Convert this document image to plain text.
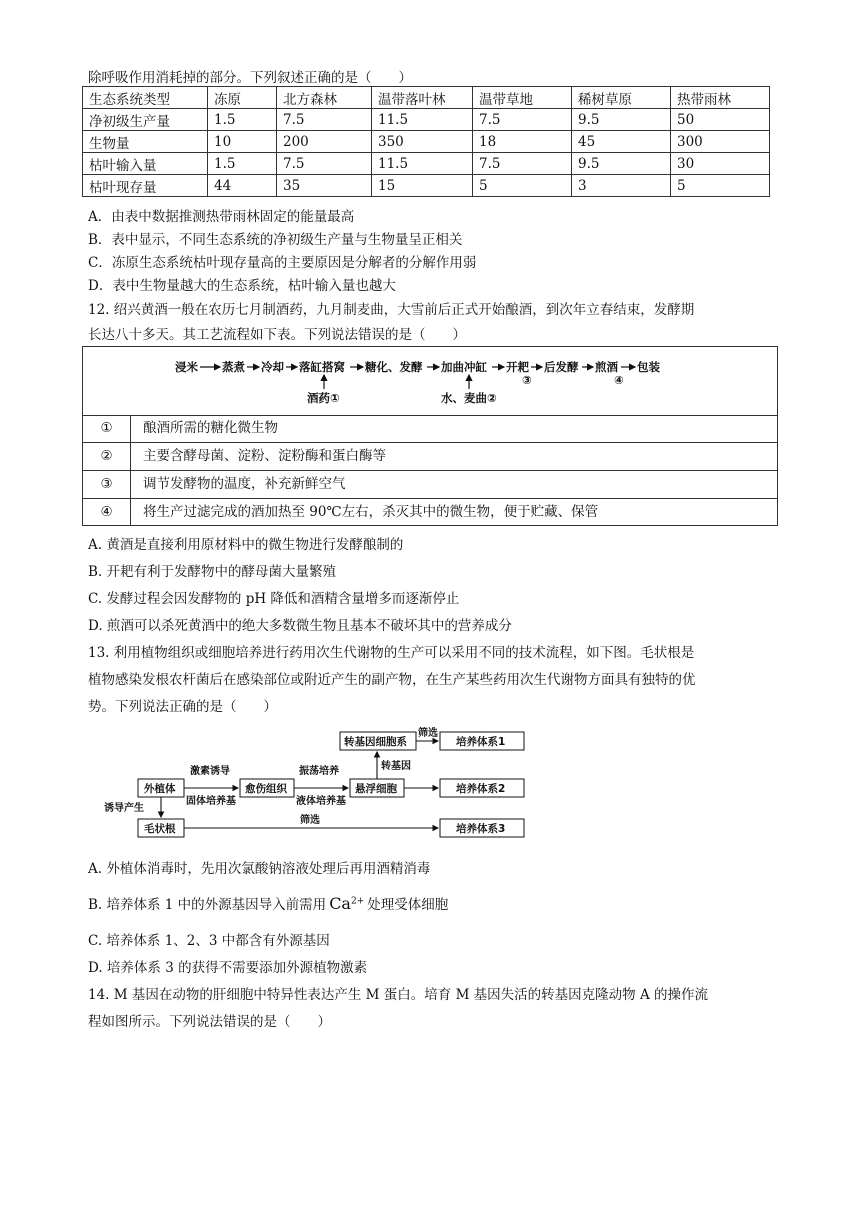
除呼吸作用消耗掉的部分。下列叙述正确的是（　　）
生态系统类型	冻原	北方森林	温带落叶林	温带草地	稀树草原	热带雨林
净初级生产量	1.5	7.5	11.5	7.5	9.5	50
生物量	10	200	350	18	45	300
枯叶输入量	1.5	7.5	11.5	7.5	9.5	30
枯叶现存量	44	35	15	5	3	5
A．由表中数据推测热带雨林固定的能量最高
B．表中显示，不同生态系统的净初级生产量与生物量呈正相关
C．冻原生态系统枯叶现存量高的主要原因是分解者的分解作用弱
D．表中生物量越大的生态系统，枯叶输入量也越大
12. 绍兴黄酒一般在农历七月制酒药，九月制麦曲，大雪前后正式开始酿酒，到次年立春结束，发酵期
长达八十多天。其工艺流程如下表。下列说法错误的是（　　）
浸米 蒸煮 冷却 落缸搭窝 糖化、发酵 加曲冲缸 开耙 后发酵 煎酒 包装
③	④
酒药①	水、麦曲②
①	酿酒所需的糖化微生物
②	主要含酵母菌、淀粉、淀粉酶和蛋白酶等
③	调节发酵物的温度，补充新鲜空气
④	将生产过滤完成的酒加热至 90℃左右，杀灭其中的微生物，便于贮藏、保管
A. 黄酒是直接利用原材料中的微生物进行发酵酿制的
B. 开耙有利于发酵物中的酵母菌大量繁殖
C. 发酵过程会因发酵物的 pH 降低和酒精含量增多而逐渐停止
D. 煎酒可以杀死黄酒中的绝大多数微生物且基本不破坏其中的营养成分
13. 利用植物组织或细胞培养进行药用次生代谢物的生产可以采用不同的技术流程，如下图。毛状根是
植物感染发根农杆菌后在感染部位或附近产生的副产物，在生产某些药用次生代谢物方面具有独特的优
势。下列说法正确的是（　　）
外植体	愈伤组织	悬浮细胞
转基因细胞系	培养体系1
培养体系2
毛状根	培养体系3
激素诱导
固体培养基
振荡培养
液体培养基
转基因
筛选
诱导产生
筛选
A. 外植体消毒时，先用次氯酸钠溶液处理后再用酒精消毒
B. 培养体系 1 中的外源基因导入前需用 $Ca^{2+}$ 处理受体细胞
C. 培养体系 1、2、3 中都含有外源基因
D. 培养体系 3 的获得不需要添加外源植物激素
14. M 基因在动物的肝细胞中特异性表达产生 M 蛋白。培育 M 基因失活的转基因克隆动物 A 的操作流
程如图所示。下列说法错误的是（　　）
